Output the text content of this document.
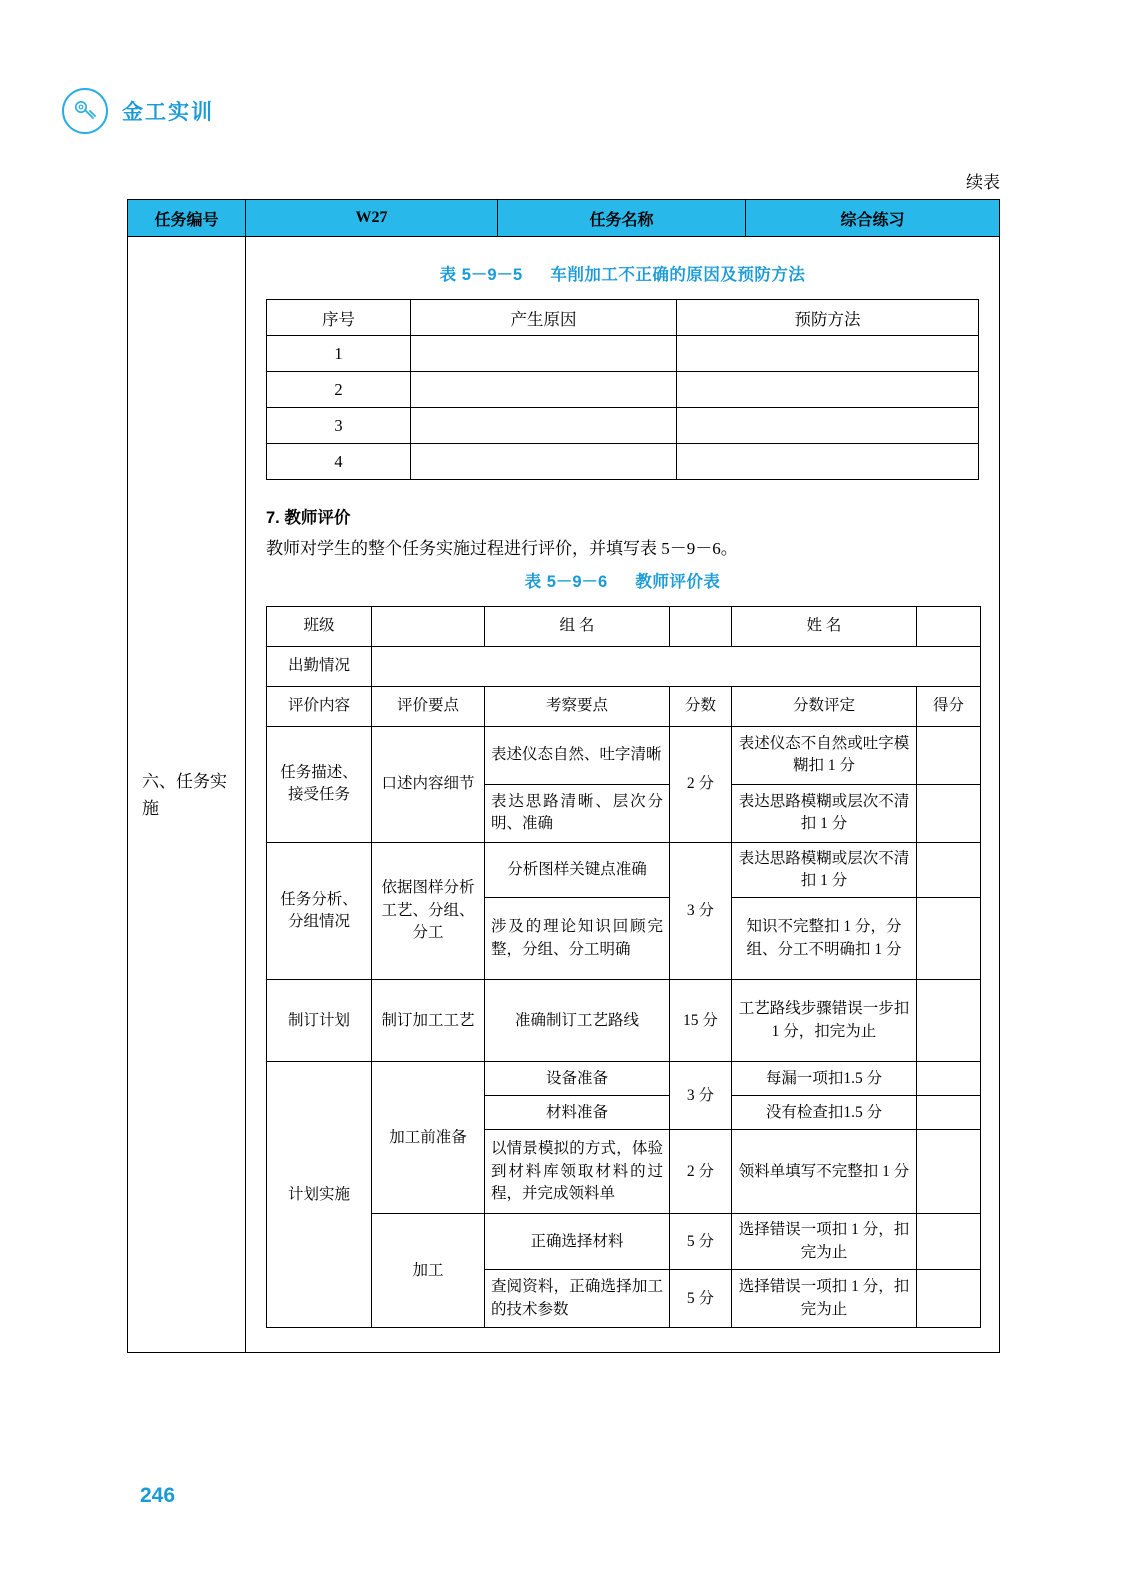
金工实训
续表
任务编号	W27	任务名称	综合练习

六、任务实施

表 5－9－5 车削加工不正确的原因及预防方法
序号	产生原因	预防方法
1		
2		
3		
4		
7. 教师评价

教师对学生的整个任务实施过程进行评价，并填写表 5－9－6。

表 5－9－6 教师评价表
班级		组 名		姓 名	
出勤情况	
评价内容	评价要点	考察要点	分数	分数评定	得分
任务描述、接受任务	口述内容细节	表述仪态自然、吐字清晰	2 分	表述仪态不自然或吐字模糊扣 1 分	
表达思路清晰、层次分明、准确	表达思路模糊或层次不清扣 1 分	
任务分析、分组情况	依据图样分析工艺、分组、分工	分析图样关键点准确	3 分	表达思路模糊或层次不清扣 1 分	
涉及的理论知识回顾完整，分组、分工明确	知识不完整扣 1 分，分组、分工不明确扣 1 分	
制订计划	制订加工工艺	准确制订工艺路线	15 分	工艺路线步骤错误一步扣 1 分，扣完为止	
计划实施	加工前准备	设备准备	3 分	每漏一项扣1.5 分	
材料准备	没有检查扣1.5 分	
以情景模拟的方式，体验到材料库领取材料的过程，并完成领料单	2 分	领料单填写不完整扣 1 分	
加工	正确选择材料	5 分	选择错误一项扣 1 分，扣完为止	
查阅资料，正确选择加工的技术参数	5 分	选择错误一项扣 1 分，扣完为止	
246
